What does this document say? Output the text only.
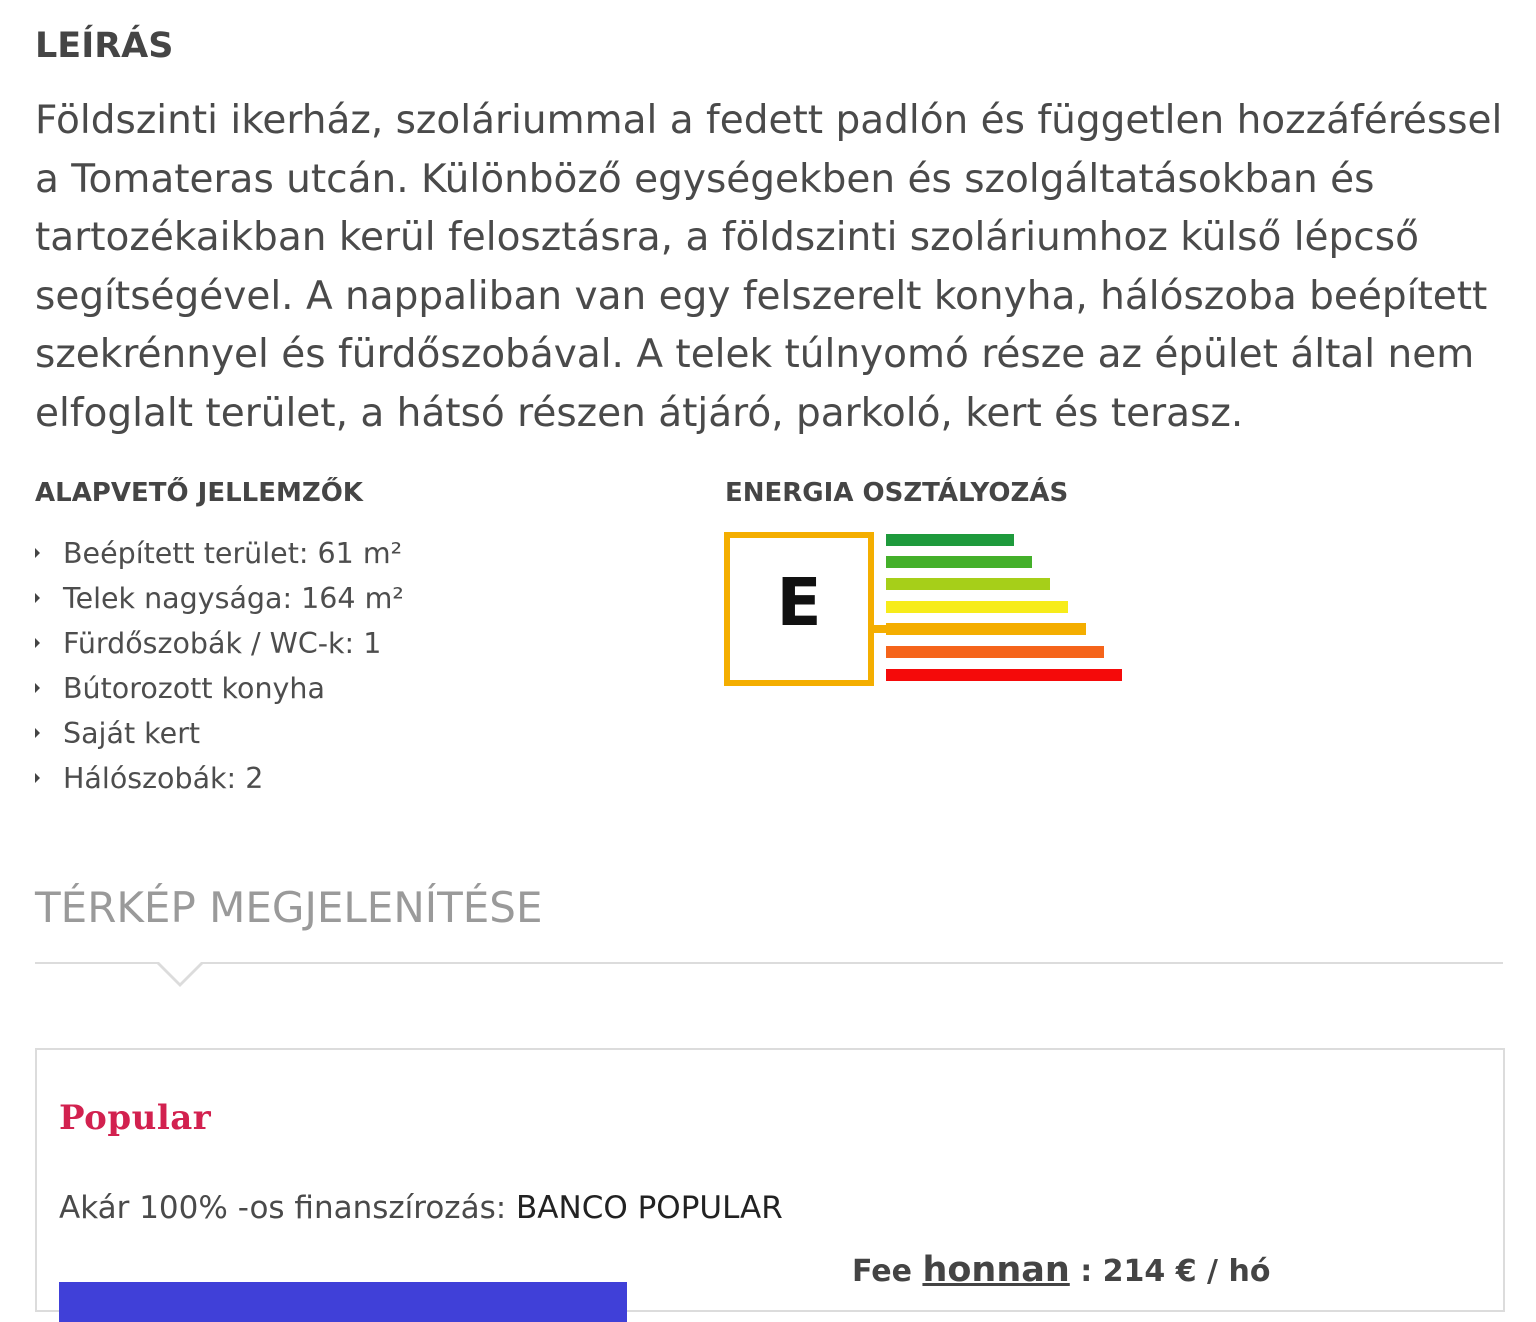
LEÍRÁS

Földszinti ikerház, szoláriummal a fedett padlón és független hozzáféréssel a Tomateras utcán. Különböző egységekben és szolgáltatásokban és tartozékaikban kerül felosztásra, a földszinti szoláriumhoz külső lépcső segítségével. A nappaliban van egy felszerelt konyha, hálószoba beépített szekrénnyel és fürdőszobával. A telek túlnyomó része az épület által nem elfoglalt terület, a hátsó részen átjáró, parkoló, kert és terasz.

ALAPVETŐ JELLEMZŐK
Beépített terület: 61 m²
Telek nagysága: 164 m²
Fürdőszobák / WC-k: 1
Bútorozott konyha
Saját kert
Hálószobák: 2
ENERGIA OSZTÁLYOZÁS
E
TÉRKÉP MEGJELENÍTÉSE
Popular
Akár 100% -os finanszírozás: BANCO POPULAR
Fee honnan : 214 € / hó
